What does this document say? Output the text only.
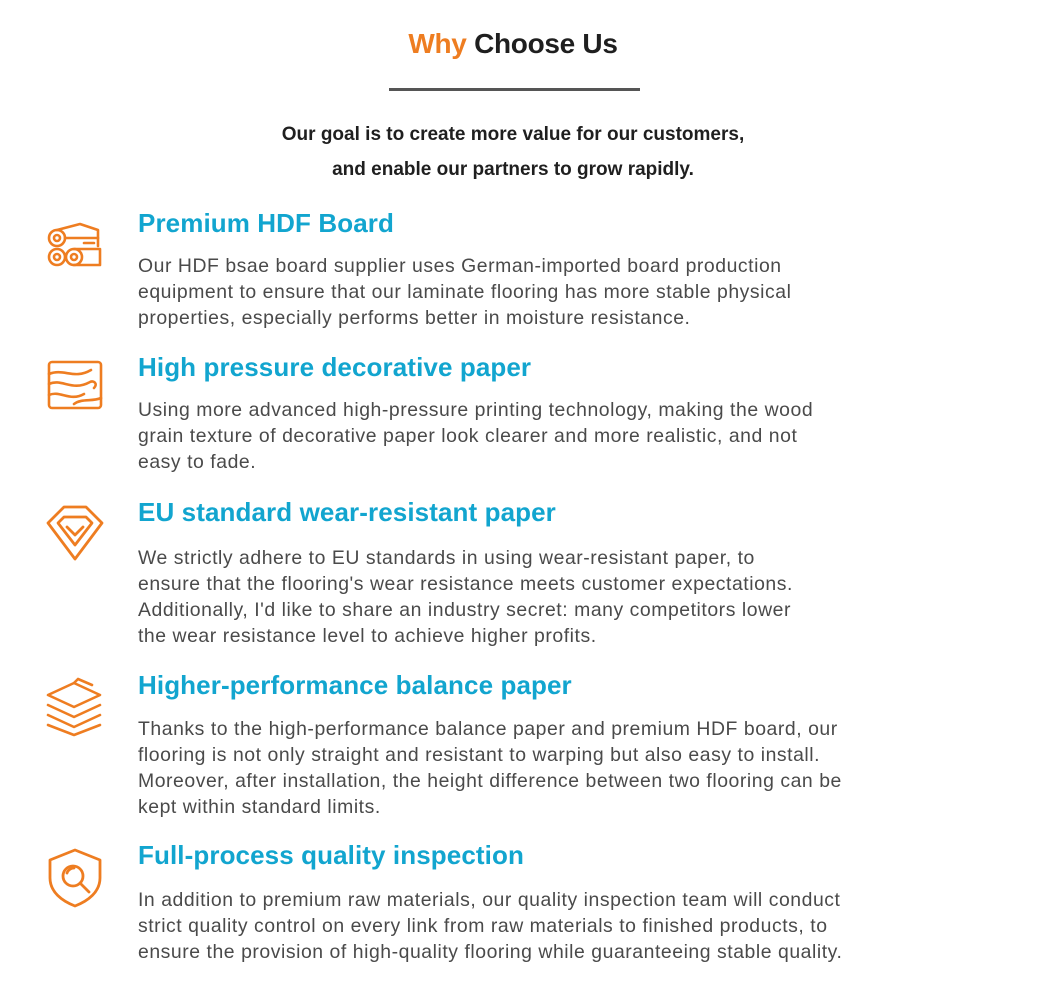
Why Choose Us
Our goal is to create more value for our customers,
and enable our partners to grow rapidly.
Premium HDF Board

Our HDF bsae board supplier uses German-imported board production
equipment to ensure that our laminate flooring has more stable physical
properties, especially performs better in moisture resistance.

High pressure decorative paper

Using more advanced high-pressure printing technology, making the wood
grain texture of decorative paper look clearer and more realistic, and not
easy to fade.

EU standard wear-resistant paper

We strictly adhere to EU standards in using wear-resistant paper, to
ensure that the flooring's wear resistance meets customer expectations.
Additionally, I'd like to share an industry secret: many competitors lower
the wear resistance level to achieve higher profits.

Higher-performance balance paper

Thanks to the high-performance balance paper and premium HDF board, our
flooring is not only straight and resistant to warping but also easy to install.
Moreover, after installation, the height difference between two flooring can be
kept within standard limits.

Full-process quality inspection

In addition to premium raw materials, our quality inspection team will conduct
strict quality control on every link from raw materials to finished products, to
ensure the provision of high-quality flooring while guaranteeing stable quality.
